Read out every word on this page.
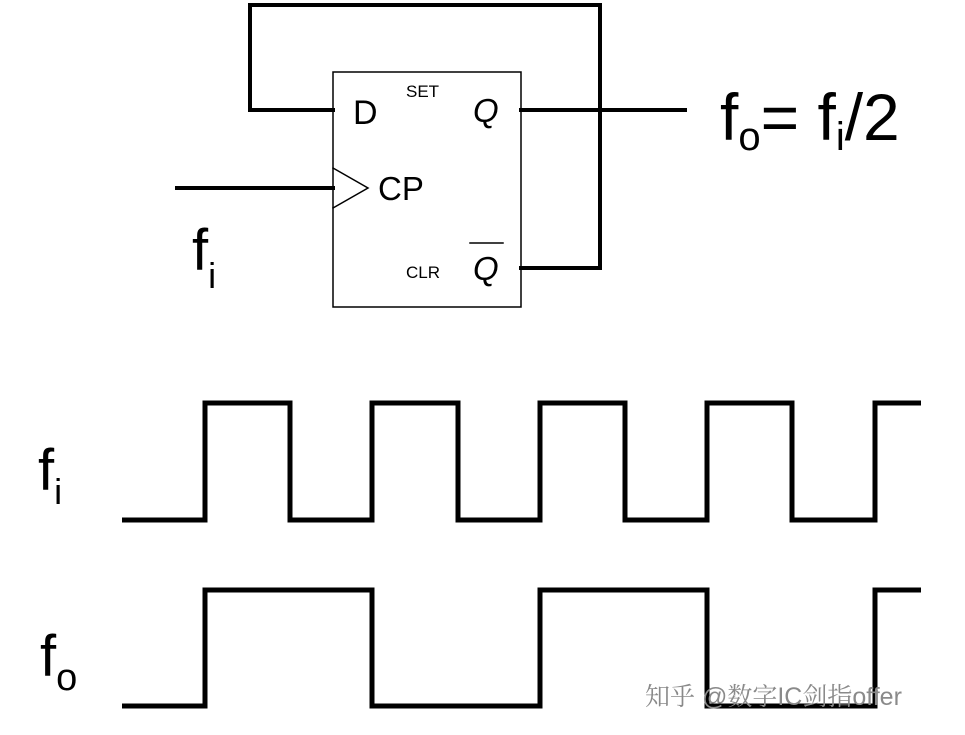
D
SET
Q
CP
CLR Q
fi
fo= fi/2
fi
fo	知乎 @数字IC剑指offer
